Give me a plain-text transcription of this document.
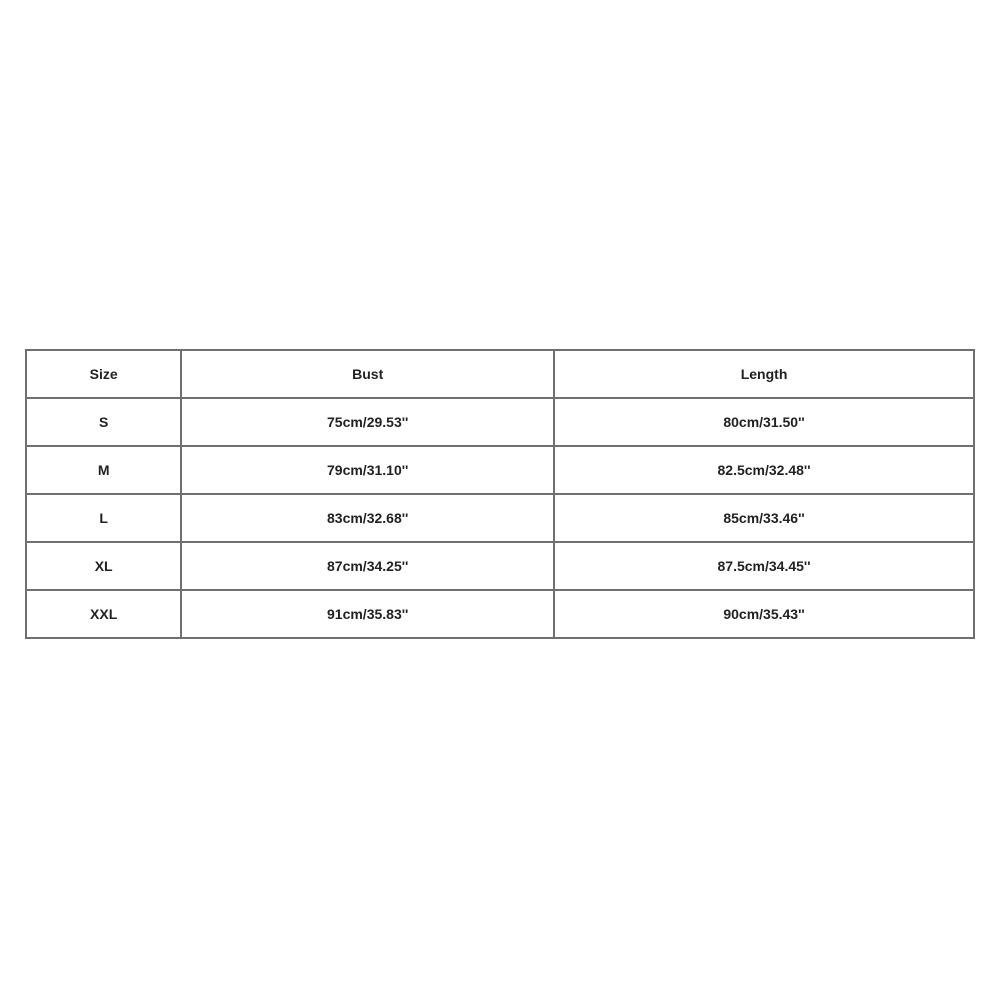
Size	Bust	Length
S	75cm/29.53''	80cm/31.50''
M	79cm/31.10''	82.5cm/32.48''
L	83cm/32.68''	85cm/33.46''
XL	87cm/34.25''	87.5cm/34.45''
XXL	91cm/35.83''	90cm/35.43''
